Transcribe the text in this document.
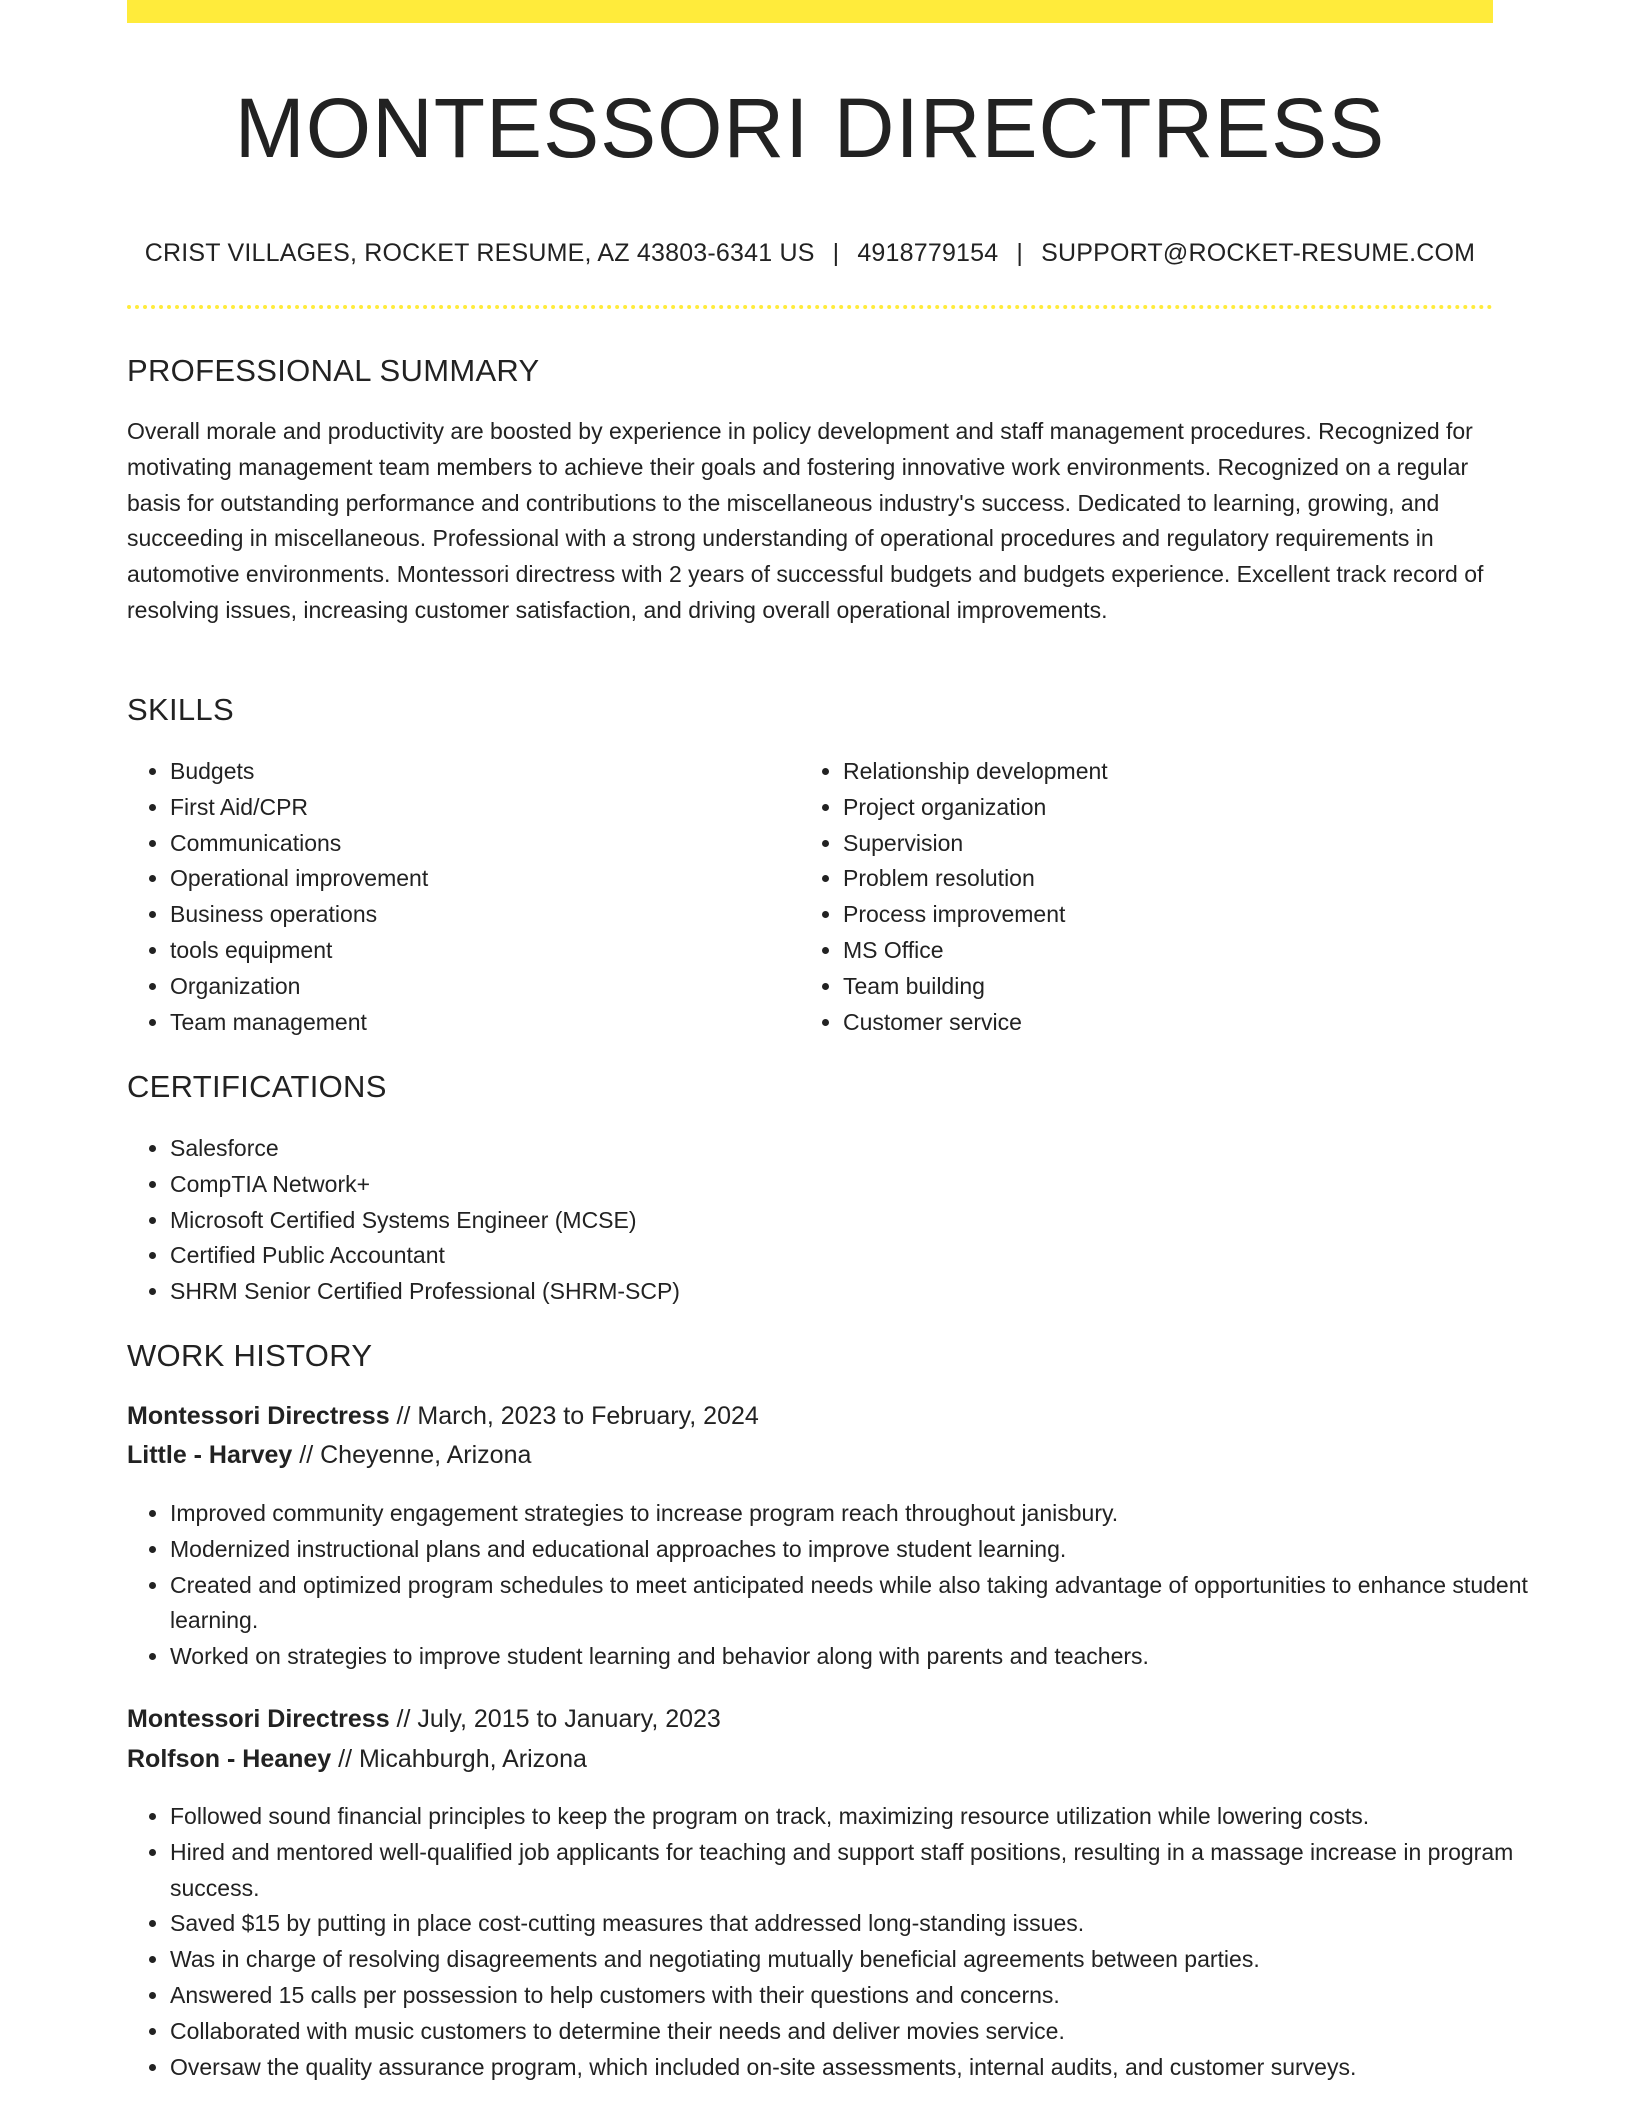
MONTESSORI DIRECTRESS
CRIST VILLAGES, ROCKET RESUME, AZ 43803-6341 US | 4918779154 | SUPPORT@ROCKET-RESUME.COM
PROFESSIONAL SUMMARY

Overall morale and productivity are boosted by experience in policy development and staff management procedures. Recognized for motivating management team members to achieve their goals and fostering innovative work environments. Recognized on a regular basis for outstanding performance and contributions to the miscellaneous industry's success. Dedicated to learning, growing, and succeeding in miscellaneous. Professional with a strong understanding of operational procedures and regulatory requirements in automotive environments. Montessori directress with 2 years of successful budgets and budgets experience. Excellent track record of resolving issues, increasing customer satisfaction, and driving overall operational improvements.

SKILLS
• Budgets
• First Aid/CPR
• Communications
• Operational improvement
• Business operations
• tools equipment
• Organization
• Team management
• Relationship development
• Project organization
• Supervision
• Problem resolution
• Process improvement
• MS Office
• Team building
• Customer service
CERTIFICATIONS
• Salesforce
• CompTIA Network+
• Microsoft Certified Systems Engineer (MCSE)
• Certified Public Accountant
• SHRM Senior Certified Professional (SHRM-SCP)
WORK HISTORY
Montessori Directress // March, 2023 to February, 2024
Little - Harvey // Cheyenne, Arizona
• Improved community engagement strategies to increase program reach throughout janisbury.
• Modernized instructional plans and educational approaches to improve student learning.
• Created and optimized program schedules to meet anticipated needs while also taking advantage of opportunities to enhance student learning.
• Worked on strategies to improve student learning and behavior along with parents and teachers.
Montessori Directress // July, 2015 to January, 2023
Rolfson - Heaney // Micahburgh, Arizona
• Followed sound financial principles to keep the program on track, maximizing resource utilization while lowering costs.
• Hired and mentored well-qualified job applicants for teaching and support staff positions, resulting in a massage increase in program success.
• Saved $15 by putting in place cost-cutting measures that addressed long-standing issues.
• Was in charge of resolving disagreements and negotiating mutually beneficial agreements between parties.
• Answered 15 calls per possession to help customers with their questions and concerns.
• Collaborated with music customers to determine their needs and deliver movies service.
• Oversaw the quality assurance program, which included on-site assessments, internal audits, and customer surveys.
